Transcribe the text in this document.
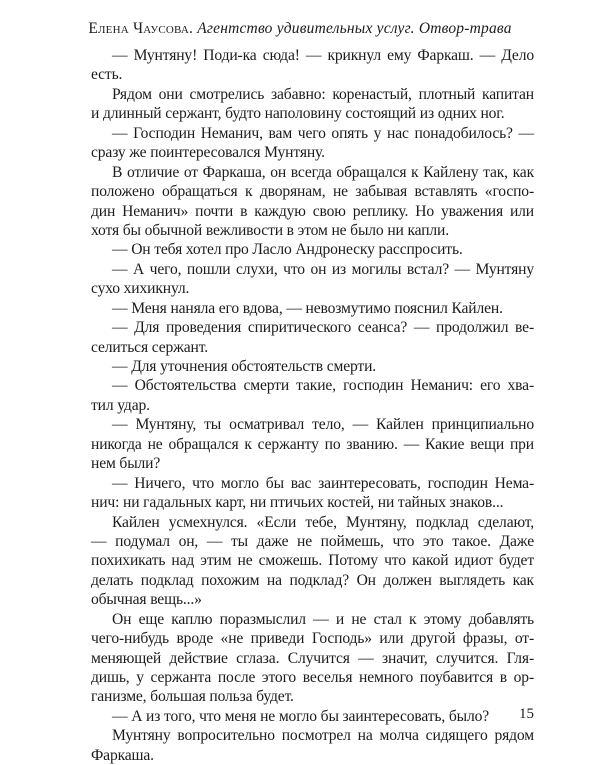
Елена Чаусова. Агентство удивительных услуг. Отвор-трава
— Мунтяну! Поди-ка сюда! — крикнул ему Фаркаш. — Дело
есть.
Рядом они смотрелись забавно: коренастый, плотный капитан
и длинный сержант, будто наполовину состоящий из одних ног.
— Господин Неманич, вам чего опять у нас понадобилось? —
сразу же поинтересовался Мунтяну.
В отличие от Фаркаша, он всегда обращался к Кайлену так, как
положено обращаться к дворянам, не забывая вставлять «госпо-
дин Неманич» почти в каждую свою реплику. Но уважения или
хотя бы обычной вежливости в этом не было ни капли.
— Он тебя хотел про Ласло Андронеску расспросить.
— А чего, пошли слухи, что он из могилы встал? — Мунтяну
сухо хихикнул.
— Меня наняла его вдова, — невозмутимо пояснил Кайлен.
— Для проведения спиритического сеанса? — продолжил ве-
селиться сержант.
— Для уточнения обстоятельств смерти.
— Обстоятельства смерти такие, господин Неманич: его хва-
тил удар.
— Мунтяну, ты осматривал тело, — Кайлен принципиально
никогда не обращался к сержанту по званию. — Какие вещи при
нем были?
— Ничего, что могло бы вас заинтересовать, господин Нема-
нич: ни гадальных карт, ни птичьих костей, ни тайных знаков...
Кайлен усмехнулся. «Если тебе, Мунтяну, подклад сделают,
— подумал он, — ты даже не поймешь, что это такое. Даже
похихикать над этим не сможешь. Потому что какой идиот будет
делать подклад похожим на подклад? Он должен выглядеть как
обычная вещь...»
Он еще каплю поразмыслил — и не стал к этому добавлять
чего-нибудь вроде «не приведи Господь» или другой фразы, от-
меняющей действие сглаза. Случится — значит, случится. Гля-
дишь, у сержанта после этого веселья немного поубавится в ор-
ганизме, большая польза будет.
— А из того, что меня не могло бы заинтересовать, было?
Мунтяну вопросительно посмотрел на молча сидящего рядом
Фаркаша.
15
